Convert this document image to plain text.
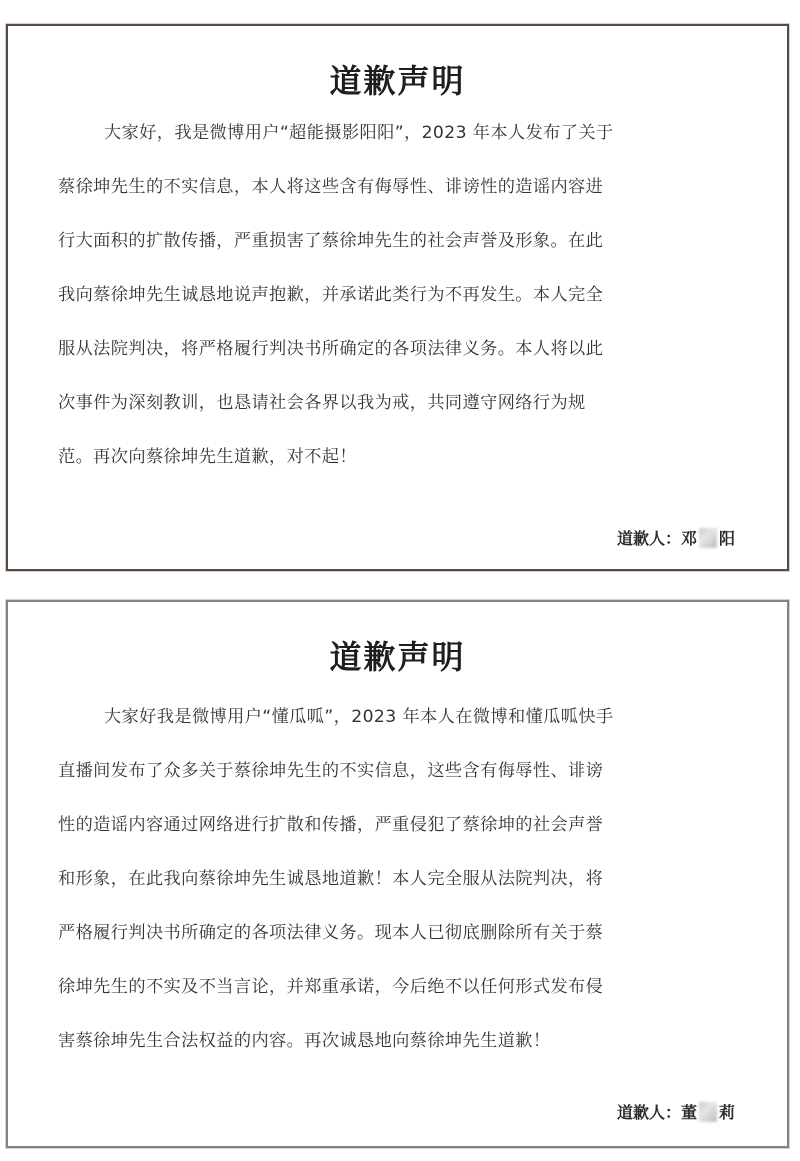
道歉声明
大家好，我是微博用户“超能摄影阳阳”，2023 年本人发布了关于
蔡徐坤先生的不实信息，本人将这些含有侮辱性、诽谤性的造谣内容进
行大面积的扩散传播，严重损害了蔡徐坤先生的社会声誉及形象。在此
我向蔡徐坤先生诚恳地说声抱歉，并承诺此类行为不再发生。本人完全
服从法院判决，将严格履行判决书所确定的各项法律义务。本人将以此
次事件为深刻教训，也恳请社会各界以我为戒，共同遵守网络行为规
范。再次向蔡徐坤先生道歉，对不起！
道歉人： 邓 阳
道歉声明
大家好我是微博用户“懂瓜呱”，2023 年本人在微博和懂瓜呱快手
直播间发布了众多关于蔡徐坤先生的不实信息，这些含有侮辱性、诽谤
性的造谣内容通过网络进行扩散和传播，严重侵犯了蔡徐坤的社会声誉
和形象，在此我向蔡徐坤先生诚恳地道歉！本人完全服从法院判决，将
严格履行判决书所确定的各项法律义务。现本人已彻底删除所有关于蔡
徐坤先生的不实及不当言论，并郑重承诺，今后绝不以任何形式发布侵
害蔡徐坤先生合法权益的内容。再次诚恳地向蔡徐坤先生道歉！
道歉人： 董 莉
